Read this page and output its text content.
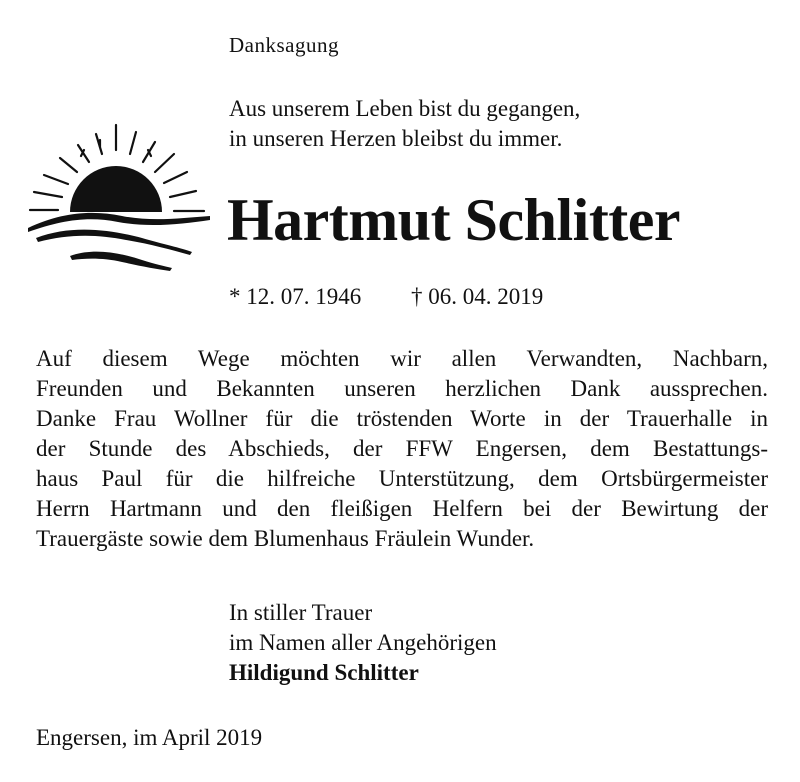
Danksagung
Aus unserem Leben bist du gegangen,
in unseren Herzen bleibst du immer.
Hartmut Schlitter
* 12. 07. 1946 † 06. 04. 2019
Auf diesem Wege möchten wir allen Verwandten, Nachbarn,
Freunden und Bekannten unseren herzlichen Dank aussprechen.
Danke Frau Wollner für die tröstenden Worte in der Trauerhalle in
der Stunde des Abschieds, der FFW Engersen, dem Bestattungs-
haus Paul für die hilfreiche Unterstützung, dem Ortsbürgermeister
Herrn Hartmann und den fleißigen Helfern bei der Bewirtung der
Trauergäste sowie dem Blumenhaus Fräulein Wunder.
In stiller Trauer
im Namen aller Angehörigen
Hildigund Schlitter
Engersen, im April 2019
